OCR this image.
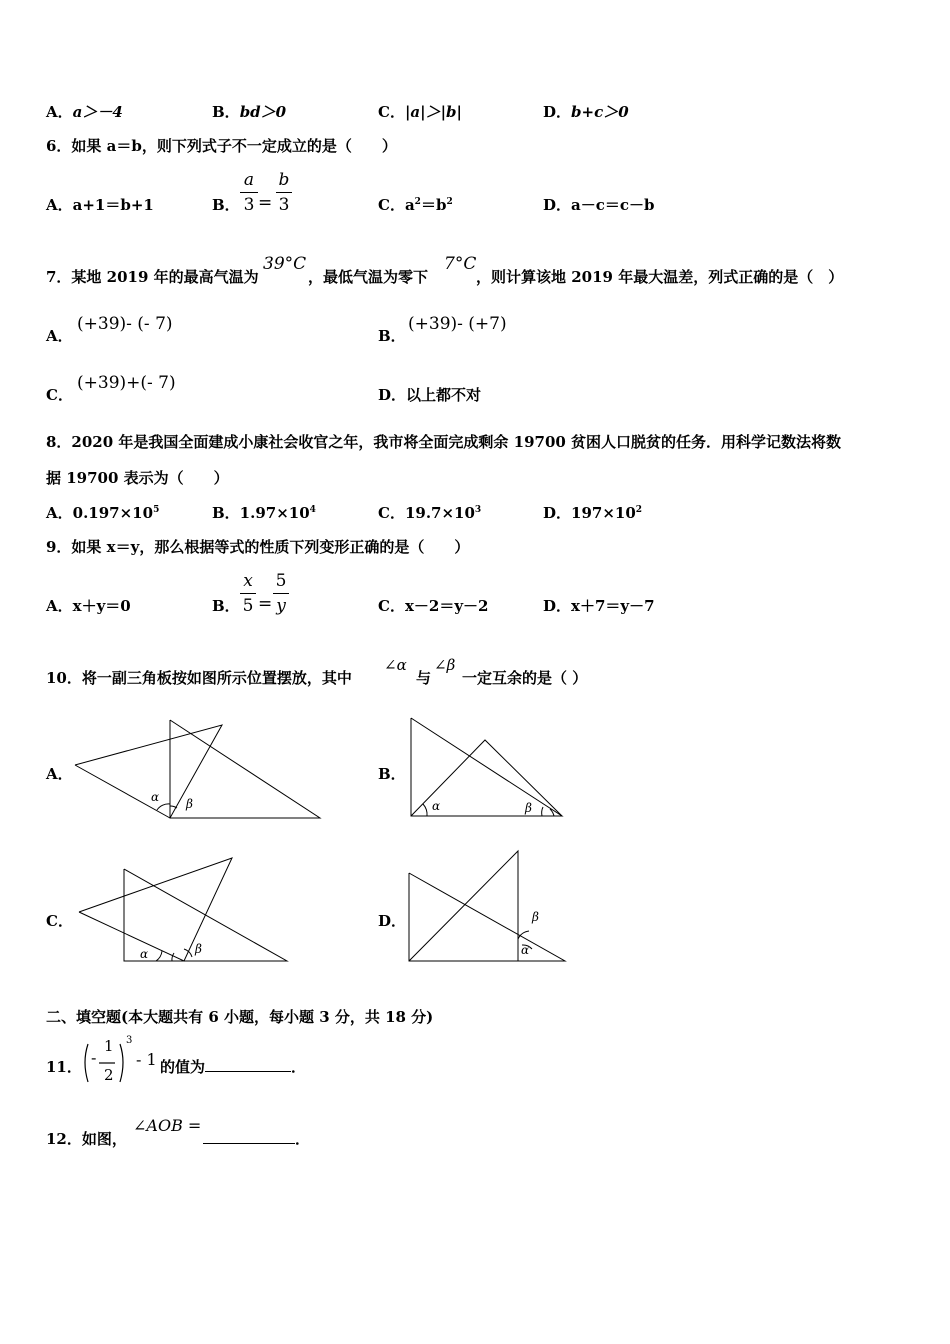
A．a＞－4	B．bd＞0	C．|a|＞|b|	D．b+c＞0
6．如果 a＝b，则下列式子不一定成立的是（　　）
A．a+1＝b+1	B．
a
3 =
b
3	C．$a^2=b^2$	D．a－c＝c－b
7．某地 2019 年的最高气温为
39°C
，最低气温为零下
7°C
，则计算该地 2019 年最大温差，列式正确的是（　）
A．
(+39)- (- 7)
B．
(+39)- (+7)
C．
(+39)+(- 7)
D．以上都不对
8．2020 年是我国全面建成小康社会收官之年，我市将全面完成剩余 19700 贫困人口脱贫的任务．用科学记数法将数
据 19700 表示为（　　）
A．$0.197\times 10^5$	B．$1.97\times 10^4$	C．$19.7\times 10^3$	D．$197\times 10^2$
9．如果 x＝y，那么根据等式的性质下列变形正确的是（　　）
A．x＋y＝0	B．
x
5 =
5
y	C．x－2＝y－2	D．x＋7＝y－7
10．将一副三角板按如图所示位置摆放，其中
∠α
与
∠β
一定互余的是（ ）
A．	B．
C．	D．
α β	α	β
α	β
β
α
二、填空题(本大题共有 6 小题，每小题 3 分，共 18 分)
11． -
1
2
3
- 1 的值为	．
12．如图，
∠AOB =
．
